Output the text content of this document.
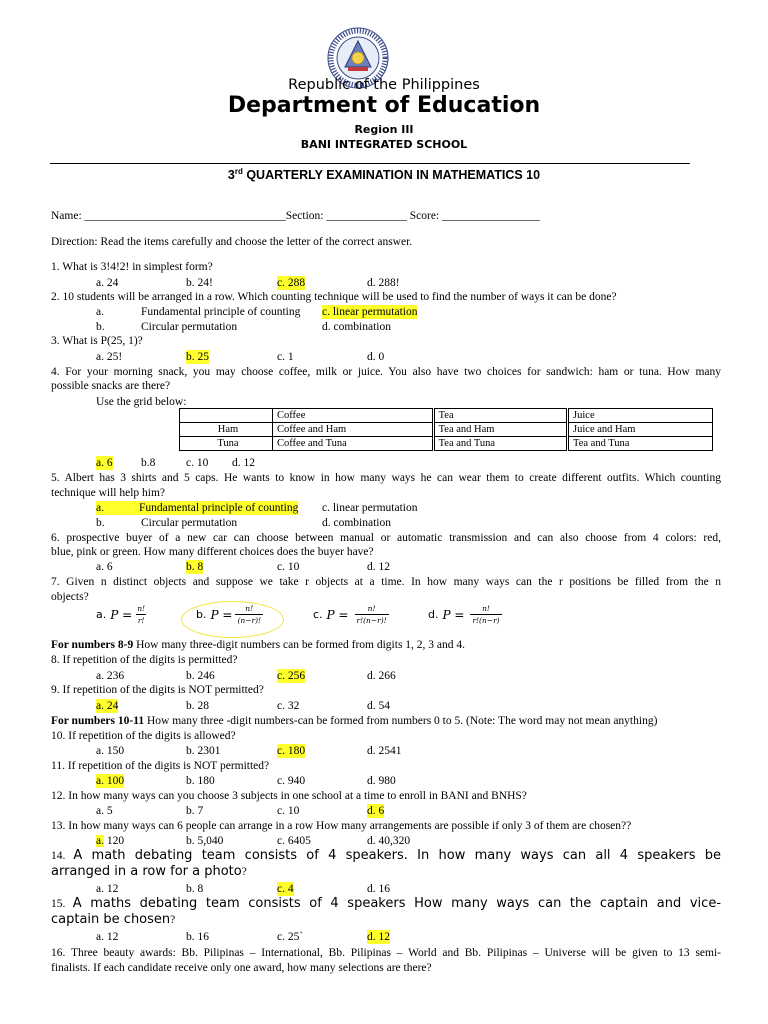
Republic of the Philippines
Department of Education
Region III
BANI INTEGRATED SCHOOL
3rd QUARTERLY EXAMINATION IN MATHEMATICS 10
Name: ___________________________________Section: ______________ Score: _________________
Direction: Read the items carefully and choose the letter of the correct answer.
1. What is 3!4!2! in simplest form?
a. 24	b. 24!	c. 288	d. 288!
2. 10 students will be arranged in a row. Which counting technique will be used to find the number of ways it can be done?
a.	Fundamental principle of counting c. linear permutation
b.	Circular permutation	d. combination
3. What is P(25, 1)?
a. 25!	b. 25	c. 1	d. 0
4. For your morning snack, you may choose coffee, milk or juice. You also have two choices for sandwich: ham or tuna. How many
possible snacks are there?
Use the grid below:
	Coffee	Tea	Juice
Ham	Coffee and Ham	Tea and Ham	Juice and Ham
Tuna	Coffee and Tuna	Tea and Tuna	Tea and Tuna
a. 6 b.8	c. 10 d. 12
5. Albert has 3 shirts and 5 caps. He wants to know in how many ways he can wear them to create different outfits. Which counting
technique will help him?
a.	Fundamental principle of counting c. linear permutation
b.	Circular permutation	d. combination
6. prospective buyer of a new car can choose between manual or automatic transmission and can also choose from 4 colors: red,
blue, pink or green. How many different choices does the buyer have?
a. 6	b. 8	c. 10	d. 12
7. Given n distinct objects and suppose we take r objects at a time. In how many ways can the r positions be filled from the n
objects?
a. $P = \frac{n!}{r!}$	b. $P = \frac{n!}{(n-r)!}$	c. $P = \frac{n!}{r!(n-r)!}$	d. $P = \frac{n!}{r!(n-r)}$
For numbers 8-9 How many three-digit numbers can be formed from digits 1, 2, 3 and 4.
8. If repetition of the digits is permitted?
a. 236	b. 246	c. 256	d. 266
9. If repetition of the digits is NOT permitted?
a. 24	b. 28	c. 32	d. 54
For numbers 10-11 How many three -digit numbers-can be formed from numbers 0 to 5. (Note: The word may not mean anything)
10. If repetition of the digits is allowed?
a. 150	b. 2301	c. 180	d. 2541
11. If repetition of the digits is NOT permitted?
a. 100	b. 180	c. 940	d. 980
12. In how many ways can you choose 3 subjects in one school at a time to enroll in BANI and BNHS?
a. 5	b. 7	c. 10	d. 6
13. In how many ways can 6 people can arrange in a row How many arrangements are possible if only 3 of them are chosen??
a. 120	b. 5,040	c. 6405	d. 40,320
14. A math debating team consists of 4 speakers. In how many ways can all 4 speakers be
arranged in a row for a photo?
a. 12	b. 8	c. 4	d. 16
15. A maths debating team consists of 4 speakers How many ways can the captain and vice-
captain be chosen?
a. 12	b. 16	c. 25`	d. 12
16. Three beauty awards: Bb. Pilipinas – International, Bb. Pilipinas – World and Bb. Pilipinas – Universe will be given to 13 semi-
finalists. If each candidate receive only one award, how many selections are there?
